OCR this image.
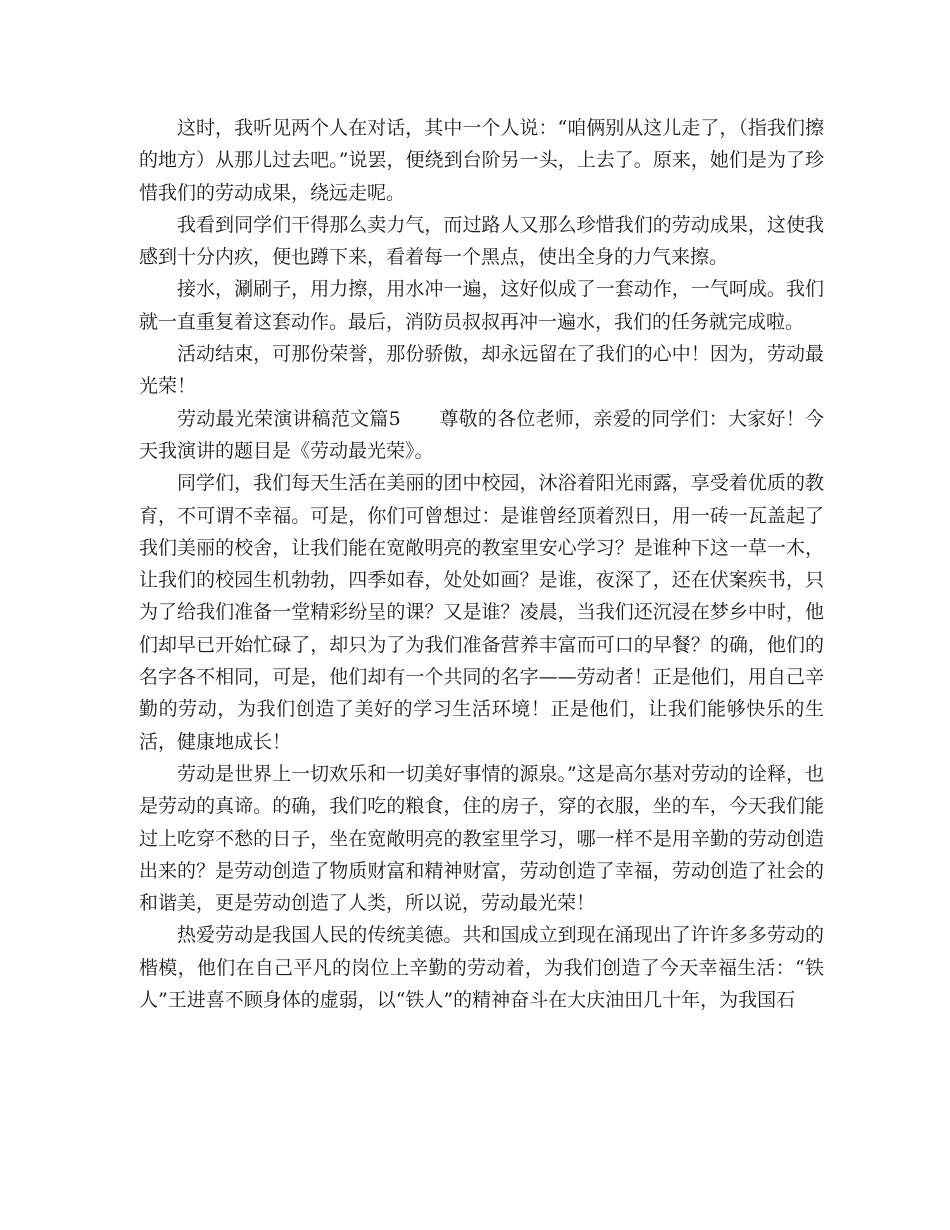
这时，我听见两个人在对话，其中一个人说：“咱俩别从这儿走了，（指我们擦的地方）从那儿过去吧。”说罢，便绕到台阶另一头，上去了。原来，她们是为了珍惜我们的劳动成果，绕远走呢。

我看到同学们干得那么卖力气，而过路人又那么珍惜我们的劳动成果，这使我感到十分内疚，便也蹲下来，看着每一个黑点，使出全身的力气来擦。

接水，涮刷子，用力擦，用水冲一遍，这好似成了一套动作，一气呵成。我们就一直重复着这套动作。最后，消防员叔叔再冲一遍水，我们的任务就完成啦。

活动结束，可那份荣誉，那份骄傲，却永远留在了我们的心中！因为，劳动最光荣！

劳动最光荣演讲稿范文篇5　　尊敬的各位老师，亲爱的同学们：大家好！今天我演讲的题目是《劳动最光荣》。

同学们，我们每天生活在美丽的团中校园，沐浴着阳光雨露，享受着优质的教育，不可谓不幸福。可是，你们可曾想过：是谁曾经顶着烈日，用一砖一瓦盖起了我们美丽的校舍，让我们能在宽敞明亮的教室里安心学习？是谁种下这一草一木，让我们的校园生机勃勃，四季如春，处处如画？是谁，夜深了，还在伏案疾书，只为了给我们准备一堂精彩纷呈的课？又是谁？凌晨，当我们还沉浸在梦乡中时，他们却早已开始忙碌了，却只为了为我们准备营养丰富而可口的早餐？的确，他们的名字各不相同，可是，他们却有一个共同的名字——劳动者！正是他们，用自己辛勤的劳动，为我们创造了美好的学习生活环境！正是他们，让我们能够快乐的生活，健康地成长！

劳动是世界上一切欢乐和一切美好事情的源泉。”这是高尔基对劳动的诠释，也是劳动的真谛。的确，我们吃的粮食，住的房子，穿的衣服，坐的车，今天我们能过上吃穿不愁的日子，坐在宽敞明亮的教室里学习，哪一样不是用辛勤的劳动创造出来的？是劳动创造了物质财富和精神财富，劳动创造了幸福，劳动创造了社会的和谐美，更是劳动创造了人类，所以说，劳动最光荣！

热爱劳动是我国人民的传统美德。共和国成立到现在涌现出了许许多多劳动的楷模，他们在自己平凡的岗位上辛勤的劳动着，为我们创造了今天幸福生活：“铁人”王进喜不顾身体的虚弱，以“铁人”的精神奋斗在大庆油田几十年，为我国石
